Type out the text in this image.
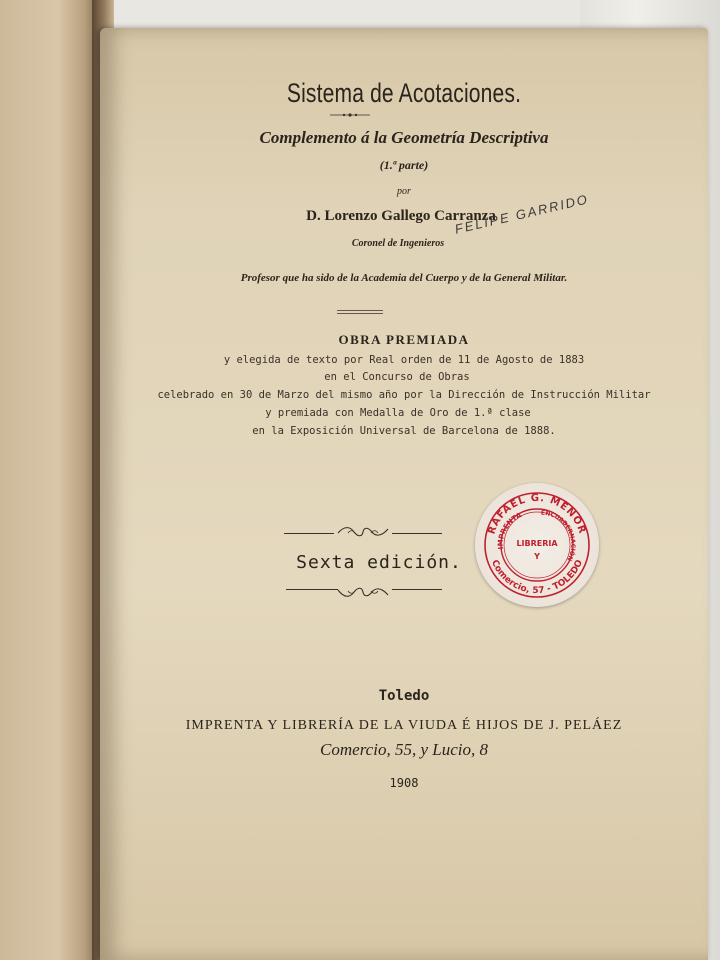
Sistema de Acotaciones.
Complemento á la Geometría Descriptiva
(1.ª parte)
por
D. Lorenzo Gallego Carranza
Coronel de Ingenieros
Profesor que ha sido de la Academia del Cuerpo y de la General Militar.
FELIPE GARRIDO
OBRA PREMIADA
y elegida de texto por Real orden de 11 de Agosto de 1883
en el Concurso de Obras
celebrado en 30 de Marzo del mismo año por la Dirección de Instrucción Militar
y premiada con Medalla de Oro de 1.ª clase
en la Exposición Universal de Barcelona de 1888.
Sexta edición.
RAFAEL G. MENOR
Comercio, 57 - TOLEDO
IMPRENTA	ENCUADERNACIÓN
LIBRERIA
Y
Toledo
IMPRENTA Y LIBRERÍA DE LA VIUDA É HIJOS DE J. PELÁEZ
Comercio, 55, y Lucio, 8
1908
